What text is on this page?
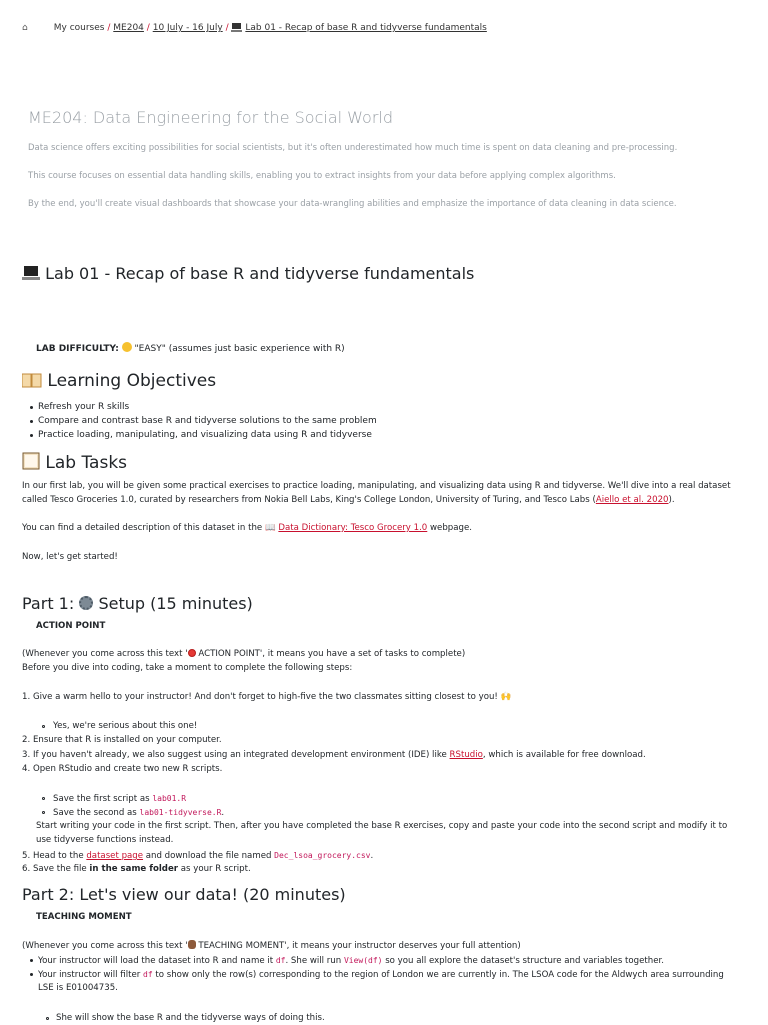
⌂	My courses / ME204 / 10 July - 16 July / Lab 01 - Recap of base R and tidyverse fundamentals
ME204: Data Engineering for the Social World
Data science offers exciting possibilities for social scientists, but it's often underestimated how much time is spent on data cleaning and pre-processing.
This course focuses on essential data handling skills, enabling you to extract insights from your data before applying complex algorithms.
By the end, you'll create visual dashboards that showcase your data-wrangling abilities and emphasize the importance of data cleaning in data science.
Lab 01 - Recap of base R and tidyverse fundamentals
LAB DIFFICULTY: "EASY" (assumes just basic experience with R)
Learning Objectives
Refresh your R skills
Compare and contrast base R and tidyverse solutions to the same problem
Practice loading, manipulating, and visualizing data using R and tidyverse
Lab Tasks
In our first lab, you will be given some practical exercises to practice loading, manipulating, and visualizing data using R and tidyverse. We'll dive into a real dataset
called Tesco Groceries 1.0, curated by researchers from Nokia Bell Labs, King's College London, University of Turing, and Tesco Labs (Aiello et al. 2020).
You can find a detailed description of this dataset in the 📖 Data Dictionary: Tesco Grocery 1.0 webpage.
Now, let's get started!
Part 1: Setup (15 minutes)
ACTION POINT
(Whenever you come across this text ' ACTION POINT', it means you have a set of tasks to complete)
Before you dive into coding, take a moment to complete the following steps:
1. Give a warm hello to your instructor! And don't forget to high-five the two classmates sitting closest to you! 🙌
Yes, we're serious about this one!
2. Ensure that R is installed on your computer.
3. If you haven't already, we also suggest using an integrated development environment (IDE) like RStudio, which is available for free download.
4. Open RStudio and create two new R scripts.
Save the first script as lab01.R
Save the second as lab01-tidyverse.R.
Start writing your code in the first script. Then, after you have completed the base R exercises, copy and paste your code into the second script and modify it to
use tidyverse functions instead.
5. Head to the dataset page and download the file named Dec_lsoa_grocery.csv.
6. Save the file in the same folder as your R script.
Part 2: Let's view our data! (20 minutes)
TEACHING MOMENT
(Whenever you come across this text ' TEACHING MOMENT', it means your instructor deserves your full attention)
Your instructor will load the dataset into R and name it df. She will run View(df) so you all explore the dataset's structure and variables together.
Your instructor will filter df to show only the row(s) corresponding to the region of London we are currently in. The LSOA code for the Aldwych area surrounding
LSE is E01004735.
She will show the base R and the tidyverse ways of doing this.
